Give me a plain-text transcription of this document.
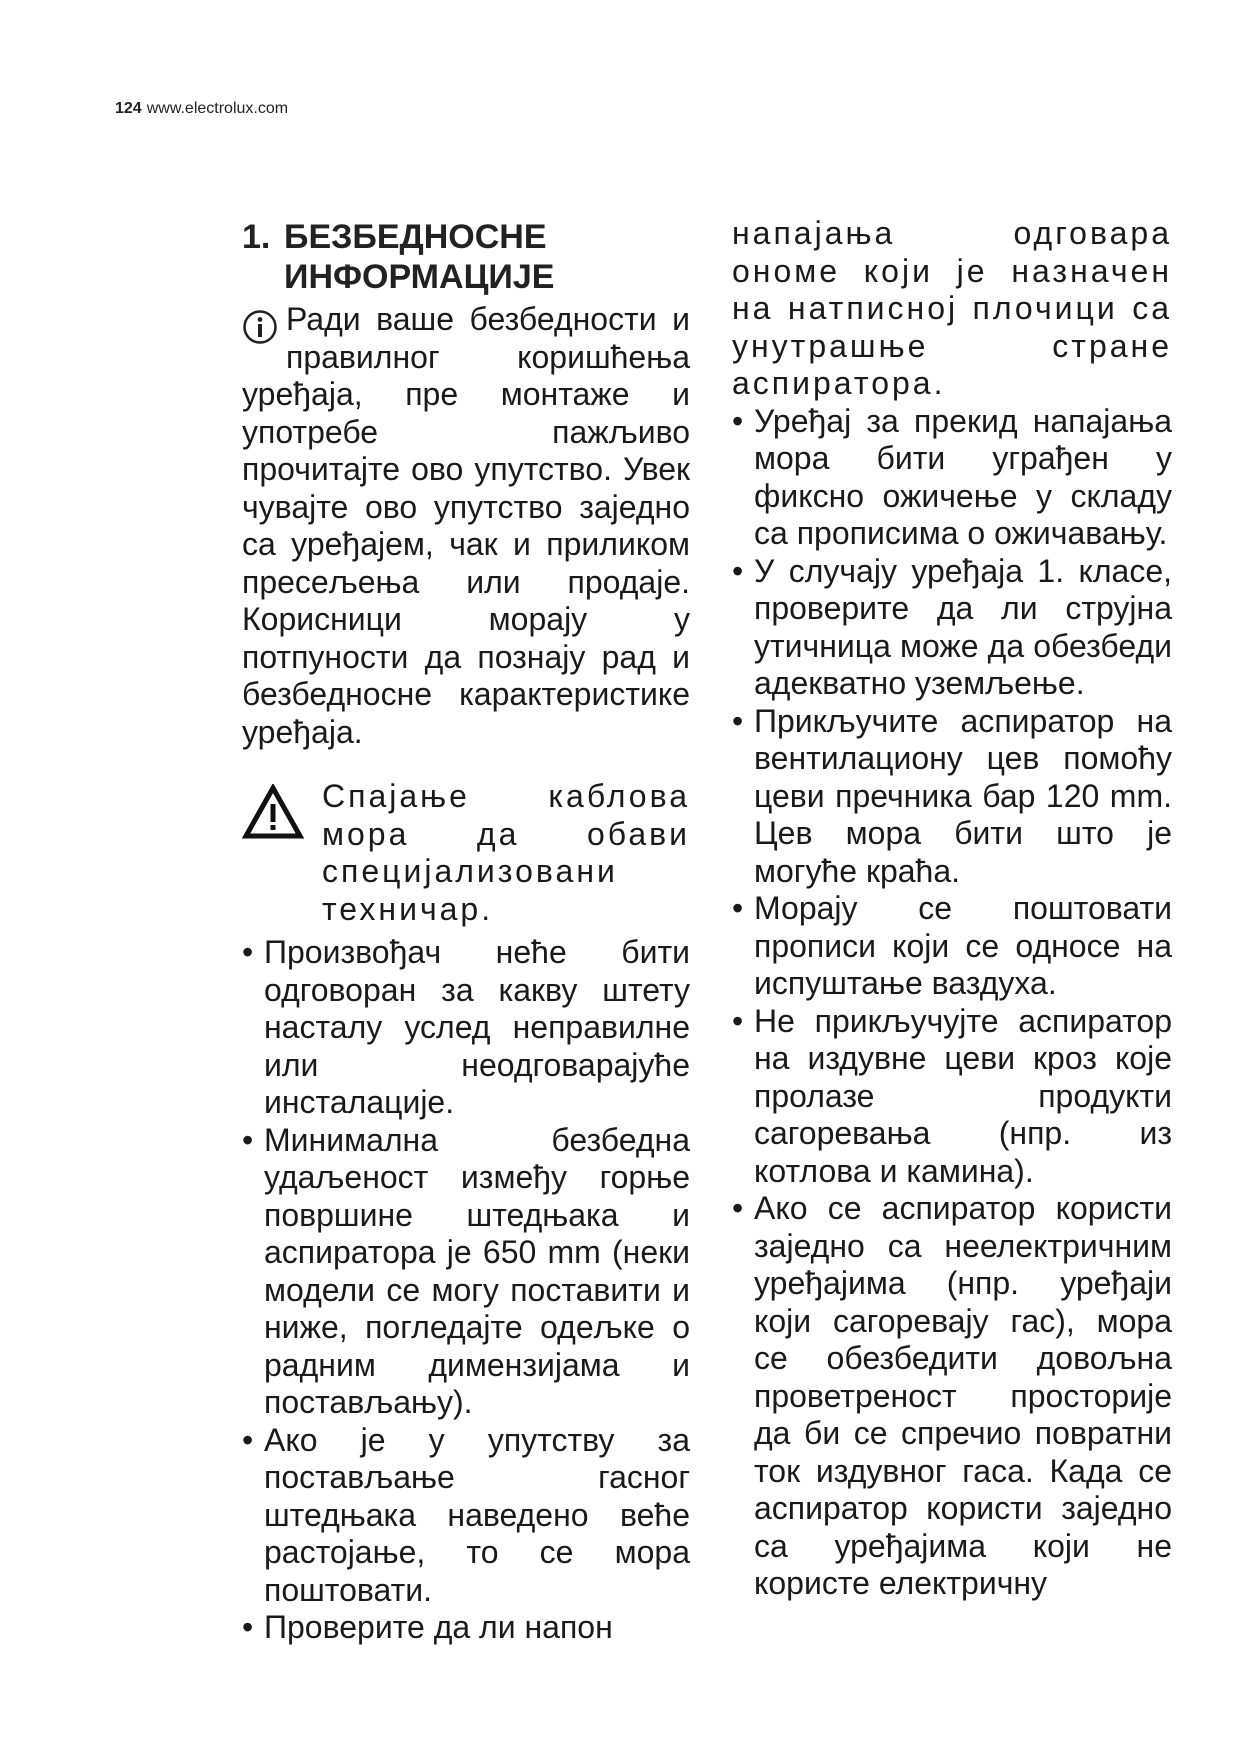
124 www.electrolux.com
1. БЕЗБЕДНОСНЕ
ИНФОРМАЦИЈЕ

Ради ваше безбедности и правилног коришћења уређаја, пре монтаже и употребе пажљиво прочитајте ово упутство. Увек чувајте ово упутство заједно са уређајем, чак и приликом пресељења или продаје. Корисници морају у потпуности да познају рад и безбедносне карактеристике уређаја.

Спајање каблова мора да обави специјализовани техничар.

• Произвођач неће бити одговоран за какву штету насталу услед неправилне или неодговарајуће инсталације.
• Минимална безбедна удаљеност између горње површине штедњака и аспиратора је 650 mm (неки модели се могу поставити и ниже, погледајте одељке о радним димензијама и постављању).
• Ако је у упутству за постављање гасног штедњака наведено веће растојање, то се мора поштовати.
• Проверите да ли напон

напајања одговара ономе који је назначен на натписној плочици са унутрашње стране аспиратора.

• Уређај за прекид напајања мора бити уграђен у фиксно ожичење у складу са прописима о ожичавању.
• У случају уређаја 1. класе, проверите да ли струјна утичница може да обезбеди адекватно уземљење.
• Прикључите аспиратор на вентилациону цев помоћу цеви пречника бар 120 mm. Цев мора бити што је могуће краћа.
• Морају се поштовати прописи који се односе на испуштање ваздуха.
• Не прикључујте аспиратор на издувне цеви кроз које пролазе продукти сагоревања (нпр. из котлова и камина).
• Ако се аспиратор користи заједно са неелектричним уређајима (нпр. уређаји који сагоревају гас), мора се обезбедити довољна проветреност просторије да би се спречио повратни ток издувног гаса. Када се аспиратор користи заједно са уређајима који не користе електричну
